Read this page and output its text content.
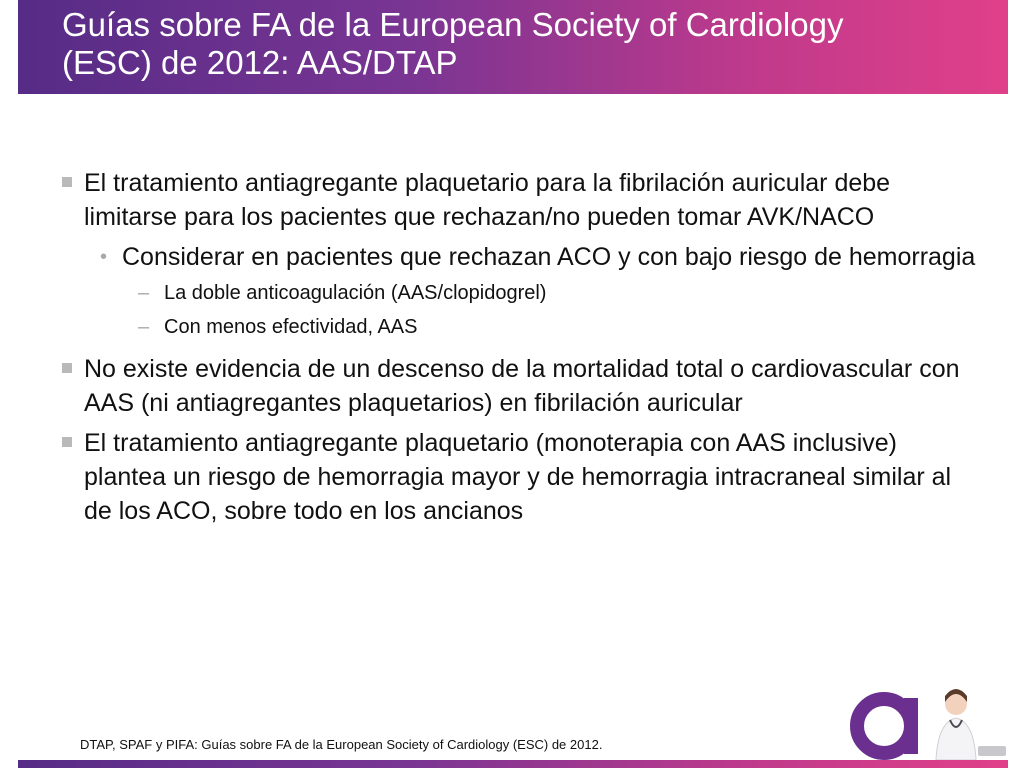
Guías sobre FA de la European Society of Cardiology
(ESC) de 2012: AAS/DTAP
El tratamiento antiagregante plaquetario para la fibrilación auricular debe limitarse para los pacientes que rechazan/no pueden tomar AVK/NACO
• Considerar en pacientes que rechazan ACO y con bajo riesgo de hemorragia
– La doble anticoagulación (AAS/clopidogrel)
– Con menos efectividad, AAS
No existe evidencia de un descenso de la mortalidad total o cardiovascular con AAS (ni antiagregantes plaquetarios) en fibrilación auricular
El tratamiento antiagregante plaquetario (monoterapia con AAS inclusive) plantea un riesgo de hemorragia mayor y de hemorragia intracraneal similar al de los ACO, sobre todo en los ancianos
DTAP, SPAF y PIFA: Guías sobre FA de la European Society of Cardiology (ESC) de 2012.
